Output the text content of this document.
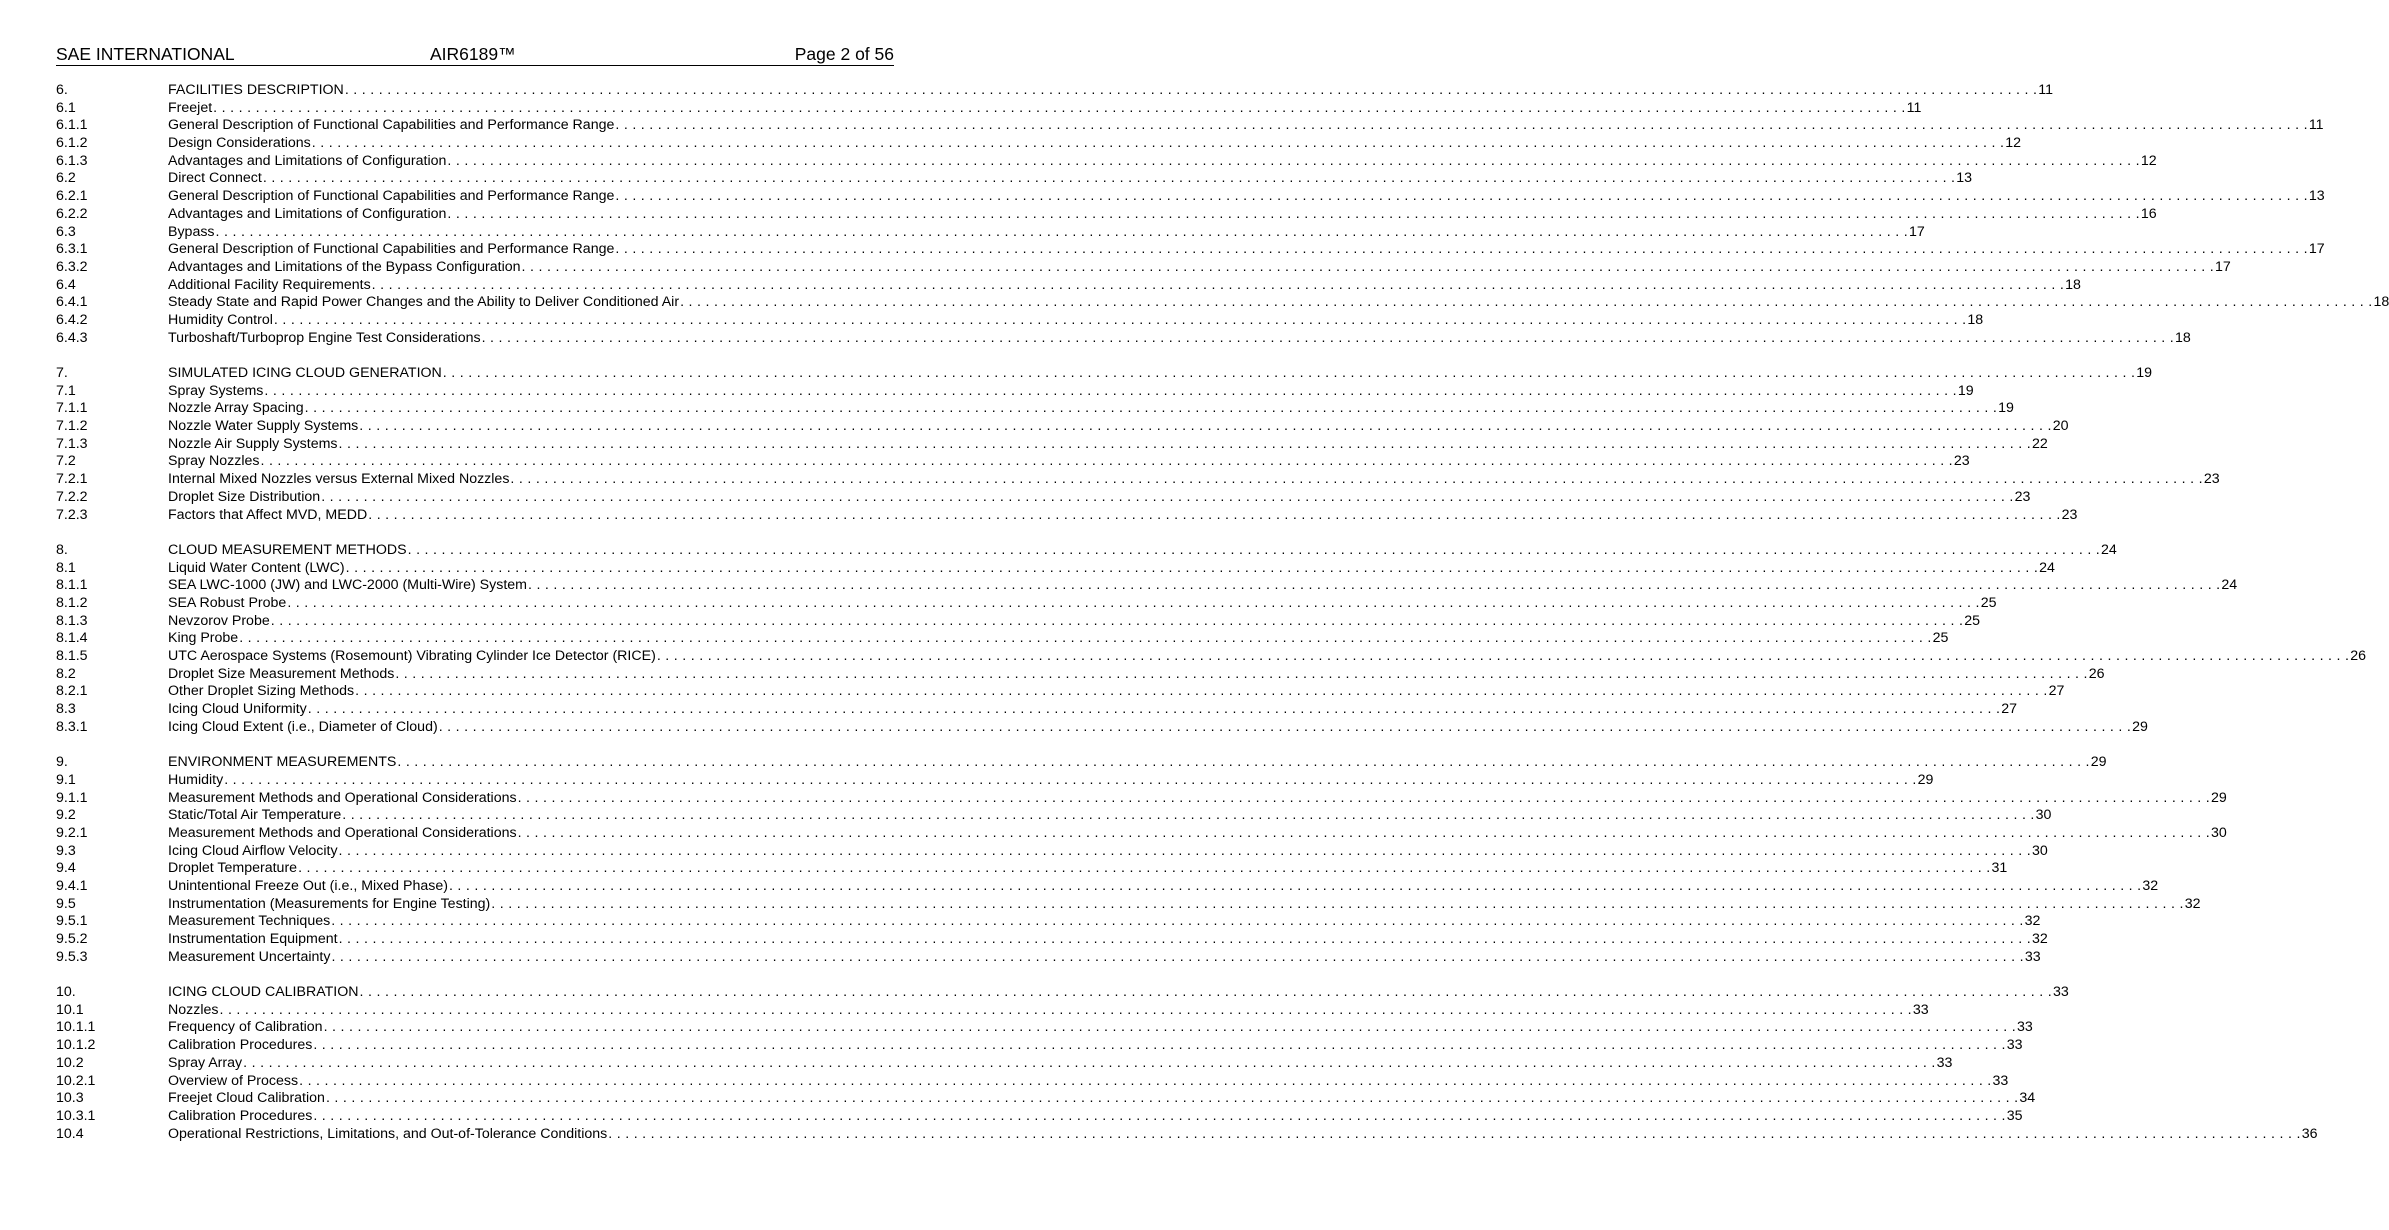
SAE INTERNATIONAL	AIR6189™	Page 2 of 56
6.	FACILITIES DESCRIPTION . . . . . . . . . . . . . . . . . . . . . . . . . . . . . . . . . . . . . . . . . . . . . . . . . . . . . . . . . . . . . . . . . . . . . . . . . . . . . . . . . . . . . . . . . . . . . . . . . . . . . . . . . . . . . . . . . . . . . . . . . . . . . . . . . . . . . . . . . . . . . . . . . . . . . . . . . . . . . . . . . . . . . . . . . . . . . . . . . . . . . . . . . . . . . . . . . . . . . . . . 11
6.1	Freejet . . . . . . . . . . . . . . . . . . . . . . . . . . . . . . . . . . . . . . . . . . . . . . . . . . . . . . . . . . . . . . . . . . . . . . . . . . . . . . . . . . . . . . . . . . . . . . . . . . . . . . . . . . . . . . . . . . . . . . . . . . . . . . . . . . . . . . . . . . . . . . . . . . . . . . . . . . . . . . . . . . . . . . . . . . . . . . . . . . . . . . . . . . . . . . . . . . . . . . . . 11
6.1.1	General Description of Functional Capabilities and Performance Range . . . . . . . . . . . . . . . . . . . . . . . . . . . . . . . . . . . . . . . . . . . . . . . . . . . . . . . . . . . . . . . . . . . . . . . . . . . . . . . . . . . . . . . . . . . . . . . . . . . . . . . . . . . . . . . . . . . . . . . . . . . . . . . . . . . . . . . . . . . . . . . . . . . . . . . . . . . . . . . . . . . . . . . . . . . . . . . . . . . . . . . . . . . . . . . . . . . . . . . . 11
6.1.2	Design Considerations . . . . . . . . . . . . . . . . . . . . . . . . . . . . . . . . . . . . . . . . . . . . . . . . . . . . . . . . . . . . . . . . . . . . . . . . . . . . . . . . . . . . . . . . . . . . . . . . . . . . . . . . . . . . . . . . . . . . . . . . . . . . . . . . . . . . . . . . . . . . . . . . . . . . . . . . . . . . . . . . . . . . . . . . . . . . . . . . . . . . . . . . . . . . . . . . . . . . . . . . 12
6.1.3	Advantages and Limitations of Configuration . . . . . . . . . . . . . . . . . . . . . . . . . . . . . . . . . . . . . . . . . . . . . . . . . . . . . . . . . . . . . . . . . . . . . . . . . . . . . . . . . . . . . . . . . . . . . . . . . . . . . . . . . . . . . . . . . . . . . . . . . . . . . . . . . . . . . . . . . . . . . . . . . . . . . . . . . . . . . . . . . . . . . . . . . . . . . . . . . . . . . . . . . . . . . . . . . . . . . . . . 12
6.2	Direct Connect . . . . . . . . . . . . . . . . . . . . . . . . . . . . . . . . . . . . . . . . . . . . . . . . . . . . . . . . . . . . . . . . . . . . . . . . . . . . . . . . . . . . . . . . . . . . . . . . . . . . . . . . . . . . . . . . . . . . . . . . . . . . . . . . . . . . . . . . . . . . . . . . . . . . . . . . . . . . . . . . . . . . . . . . . . . . . . . . . . . . . . . . . . . . . . . . . . . . . . . . 13
6.2.1	General Description of Functional Capabilities and Performance Range . . . . . . . . . . . . . . . . . . . . . . . . . . . . . . . . . . . . . . . . . . . . . . . . . . . . . . . . . . . . . . . . . . . . . . . . . . . . . . . . . . . . . . . . . . . . . . . . . . . . . . . . . . . . . . . . . . . . . . . . . . . . . . . . . . . . . . . . . . . . . . . . . . . . . . . . . . . . . . . . . . . . . . . . . . . . . . . . . . . . . . . . . . . . . . . . . . . . . . . . 13
6.2.2	Advantages and Limitations of Configuration . . . . . . . . . . . . . . . . . . . . . . . . . . . . . . . . . . . . . . . . . . . . . . . . . . . . . . . . . . . . . . . . . . . . . . . . . . . . . . . . . . . . . . . . . . . . . . . . . . . . . . . . . . . . . . . . . . . . . . . . . . . . . . . . . . . . . . . . . . . . . . . . . . . . . . . . . . . . . . . . . . . . . . . . . . . . . . . . . . . . . . . . . . . . . . . . . . . . . . . . 16
6.3	Bypass . . . . . . . . . . . . . . . . . . . . . . . . . . . . . . . . . . . . . . . . . . . . . . . . . . . . . . . . . . . . . . . . . . . . . . . . . . . . . . . . . . . . . . . . . . . . . . . . . . . . . . . . . . . . . . . . . . . . . . . . . . . . . . . . . . . . . . . . . . . . . . . . . . . . . . . . . . . . . . . . . . . . . . . . . . . . . . . . . . . . . . . . . . . . . . . . . . . . . . . . 17
6.3.1	General Description of Functional Capabilities and Performance Range . . . . . . . . . . . . . . . . . . . . . . . . . . . . . . . . . . . . . . . . . . . . . . . . . . . . . . . . . . . . . . . . . . . . . . . . . . . . . . . . . . . . . . . . . . . . . . . . . . . . . . . . . . . . . . . . . . . . . . . . . . . . . . . . . . . . . . . . . . . . . . . . . . . . . . . . . . . . . . . . . . . . . . . . . . . . . . . . . . . . . . . . . . . . . . . . . . . . . . . . 17
6.3.2	Advantages and Limitations of the Bypass Configuration . . . . . . . . . . . . . . . . . . . . . . . . . . . . . . . . . . . . . . . . . . . . . . . . . . . . . . . . . . . . . . . . . . . . . . . . . . . . . . . . . . . . . . . . . . . . . . . . . . . . . . . . . . . . . . . . . . . . . . . . . . . . . . . . . . . . . . . . . . . . . . . . . . . . . . . . . . . . . . . . . . . . . . . . . . . . . . . . . . . . . . . . . . . . . . . . . . . . . . . . 17
6.4	Additional Facility Requirements . . . . . . . . . . . . . . . . . . . . . . . . . . . . . . . . . . . . . . . . . . . . . . . . . . . . . . . . . . . . . . . . . . . . . . . . . . . . . . . . . . . . . . . . . . . . . . . . . . . . . . . . . . . . . . . . . . . . . . . . . . . . . . . . . . . . . . . . . . . . . . . . . . . . . . . . . . . . . . . . . . . . . . . . . . . . . . . . . . . . . . . . . . . . . . . . . . . . . . . . 18
6.4.1	Steady State and Rapid Power Changes and the Ability to Deliver Conditioned Air . . . . . . . . . . . . . . . . . . . . . . . . . . . . . . . . . . . . . . . . . . . . . . . . . . . . . . . . . . . . . . . . . . . . . . . . . . . . . . . . . . . . . . . . . . . . . . . . . . . . . . . . . . . . . . . . . . . . . . . . . . . . . . . . . . . . . . . . . . . . . . . . . . . . . . . . . . . . . . . . . . . . . . . . . . . . . . . . . . . . . . . . . . . . . . . . . . . . . . . . 18
6.4.2	Humidity Control . . . . . . . . . . . . . . . . . . . . . . . . . . . . . . . . . . . . . . . . . . . . . . . . . . . . . . . . . . . . . . . . . . . . . . . . . . . . . . . . . . . . . . . . . . . . . . . . . . . . . . . . . . . . . . . . . . . . . . . . . . . . . . . . . . . . . . . . . . . . . . . . . . . . . . . . . . . . . . . . . . . . . . . . . . . . . . . . . . . . . . . . . . . . . . . . . . . . . . . . 18
6.4.3	Turboshaft/Turboprop Engine Test Considerations . . . . . . . . . . . . . . . . . . . . . . . . . . . . . . . . . . . . . . . . . . . . . . . . . . . . . . . . . . . . . . . . . . . . . . . . . . . . . . . . . . . . . . . . . . . . . . . . . . . . . . . . . . . . . . . . . . . . . . . . . . . . . . . . . . . . . . . . . . . . . . . . . . . . . . . . . . . . . . . . . . . . . . . . . . . . . . . . . . . . . . . . . . . . . . . . . . . . . . . . 18
7.	SIMULATED ICING CLOUD GENERATION . . . . . . . . . . . . . . . . . . . . . . . . . . . . . . . . . . . . . . . . . . . . . . . . . . . . . . . . . . . . . . . . . . . . . . . . . . . . . . . . . . . . . . . . . . . . . . . . . . . . . . . . . . . . . . . . . . . . . . . . . . . . . . . . . . . . . . . . . . . . . . . . . . . . . . . . . . . . . . . . . . . . . . . . . . . . . . . . . . . . . . . . . . . . . . . . . . . . . . . . 19
7.1	Spray Systems . . . . . . . . . . . . . . . . . . . . . . . . . . . . . . . . . . . . . . . . . . . . . . . . . . . . . . . . . . . . . . . . . . . . . . . . . . . . . . . . . . . . . . . . . . . . . . . . . . . . . . . . . . . . . . . . . . . . . . . . . . . . . . . . . . . . . . . . . . . . . . . . . . . . . . . . . . . . . . . . . . . . . . . . . . . . . . . . . . . . . . . . . . . . . . . . . . . . . . . . 19
7.1.1	Nozzle Array Spacing . . . . . . . . . . . . . . . . . . . . . . . . . . . . . . . . . . . . . . . . . . . . . . . . . . . . . . . . . . . . . . . . . . . . . . . . . . . . . . . . . . . . . . . . . . . . . . . . . . . . . . . . . . . . . . . . . . . . . . . . . . . . . . . . . . . . . . . . . . . . . . . . . . . . . . . . . . . . . . . . . . . . . . . . . . . . . . . . . . . . . . . . . . . . . . . . . . . . . . . . 19
7.1.2	Nozzle Water Supply Systems . . . . . . . . . . . . . . . . . . . . . . . . . . . . . . . . . . . . . . . . . . . . . . . . . . . . . . . . . . . . . . . . . . . . . . . . . . . . . . . . . . . . . . . . . . . . . . . . . . . . . . . . . . . . . . . . . . . . . . . . . . . . . . . . . . . . . . . . . . . . . . . . . . . . . . . . . . . . . . . . . . . . . . . . . . . . . . . . . . . . . . . . . . . . . . . . . . . . . . . . 20
7.1.3	Nozzle Air Supply Systems . . . . . . . . . . . . . . . . . . . . . . . . . . . . . . . . . . . . . . . . . . . . . . . . . . . . . . . . . . . . . . . . . . . . . . . . . . . . . . . . . . . . . . . . . . . . . . . . . . . . . . . . . . . . . . . . . . . . . . . . . . . . . . . . . . . . . . . . . . . . . . . . . . . . . . . . . . . . . . . . . . . . . . . . . . . . . . . . . . . . . . . . . . . . . . . . . . . . . . . . 22
7.2	Spray Nozzles . . . . . . . . . . . . . . . . . . . . . . . . . . . . . . . . . . . . . . . . . . . . . . . . . . . . . . . . . . . . . . . . . . . . . . . . . . . . . . . . . . . . . . . . . . . . . . . . . . . . . . . . . . . . . . . . . . . . . . . . . . . . . . . . . . . . . . . . . . . . . . . . . . . . . . . . . . . . . . . . . . . . . . . . . . . . . . . . . . . . . . . . . . . . . . . . . . . . . . . . 23
7.2.1	Internal Mixed Nozzles versus External Mixed Nozzles . . . . . . . . . . . . . . . . . . . . . . . . . . . . . . . . . . . . . . . . . . . . . . . . . . . . . . . . . . . . . . . . . . . . . . . . . . . . . . . . . . . . . . . . . . . . . . . . . . . . . . . . . . . . . . . . . . . . . . . . . . . . . . . . . . . . . . . . . . . . . . . . . . . . . . . . . . . . . . . . . . . . . . . . . . . . . . . . . . . . . . . . . . . . . . . . . . . . . . . . 23
7.2.2	Droplet Size Distribution . . . . . . . . . . . . . . . . . . . . . . . . . . . . . . . . . . . . . . . . . . . . . . . . . . . . . . . . . . . . . . . . . . . . . . . . . . . . . . . . . . . . . . . . . . . . . . . . . . . . . . . . . . . . . . . . . . . . . . . . . . . . . . . . . . . . . . . . . . . . . . . . . . . . . . . . . . . . . . . . . . . . . . . . . . . . . . . . . . . . . . . . . . . . . . . . . . . . . . . . 23
7.2.3	Factors that Affect MVD, MEDD . . . . . . . . . . . . . . . . . . . . . . . . . . . . . . . . . . . . . . . . . . . . . . . . . . . . . . . . . . . . . . . . . . . . . . . . . . . . . . . . . . . . . . . . . . . . . . . . . . . . . . . . . . . . . . . . . . . . . . . . . . . . . . . . . . . . . . . . . . . . . . . . . . . . . . . . . . . . . . . . . . . . . . . . . . . . . . . . . . . . . . . . . . . . . . . . . . . . . . . . 23
8.	CLOUD MEASUREMENT METHODS . . . . . . . . . . . . . . . . . . . . . . . . . . . . . . . . . . . . . . . . . . . . . . . . . . . . . . . . . . . . . . . . . . . . . . . . . . . . . . . . . . . . . . . . . . . . . . . . . . . . . . . . . . . . . . . . . . . . . . . . . . . . . . . . . . . . . . . . . . . . . . . . . . . . . . . . . . . . . . . . . . . . . . . . . . . . . . . . . . . . . . . . . . . . . . . . . . . . . . . . 24
8.1	Liquid Water Content (LWC) . . . . . . . . . . . . . . . . . . . . . . . . . . . . . . . . . . . . . . . . . . . . . . . . . . . . . . . . . . . . . . . . . . . . . . . . . . . . . . . . . . . . . . . . . . . . . . . . . . . . . . . . . . . . . . . . . . . . . . . . . . . . . . . . . . . . . . . . . . . . . . . . . . . . . . . . . . . . . . . . . . . . . . . . . . . . . . . . . . . . . . . . . . . . . . . . . . . . . . . . 24
8.1.1	SEA LWC-1000 (JW) and LWC-2000 (Multi-Wire) System . . . . . . . . . . . . . . . . . . . . . . . . . . . . . . . . . . . . . . . . . . . . . . . . . . . . . . . . . . . . . . . . . . . . . . . . . . . . . . . . . . . . . . . . . . . . . . . . . . . . . . . . . . . . . . . . . . . . . . . . . . . . . . . . . . . . . . . . . . . . . . . . . . . . . . . . . . . . . . . . . . . . . . . . . . . . . . . . . . . . . . . . . . . . . . . . . . . . . . . . 24
8.1.2	SEA Robust Probe . . . . . . . . . . . . . . . . . . . . . . . . . . . . . . . . . . . . . . . . . . . . . . . . . . . . . . . . . . . . . . . . . . . . . . . . . . . . . . . . . . . . . . . . . . . . . . . . . . . . . . . . . . . . . . . . . . . . . . . . . . . . . . . . . . . . . . . . . . . . . . . . . . . . . . . . . . . . . . . . . . . . . . . . . . . . . . . . . . . . . . . . . . . . . . . . . . . . . . . . 25
8.1.3	Nevzorov Probe . . . . . . . . . . . . . . . . . . . . . . . . . . . . . . . . . . . . . . . . . . . . . . . . . . . . . . . . . . . . . . . . . . . . . . . . . . . . . . . . . . . . . . . . . . . . . . . . . . . . . . . . . . . . . . . . . . . . . . . . . . . . . . . . . . . . . . . . . . . . . . . . . . . . . . . . . . . . . . . . . . . . . . . . . . . . . . . . . . . . . . . . . . . . . . . . . . . . . . . . 25
8.1.4	King Probe . . . . . . . . . . . . . . . . . . . . . . . . . . . . . . . . . . . . . . . . . . . . . . . . . . . . . . . . . . . . . . . . . . . . . . . . . . . . . . . . . . . . . . . . . . . . . . . . . . . . . . . . . . . . . . . . . . . . . . . . . . . . . . . . . . . . . . . . . . . . . . . . . . . . . . . . . . . . . . . . . . . . . . . . . . . . . . . . . . . . . . . . . . . . . . . . . . . . . . . . 25
8.1.5	UTC Aerospace Systems (Rosemount) Vibrating Cylinder Ice Detector (RICE) . . . . . . . . . . . . . . . . . . . . . . . . . . . . . . . . . . . . . . . . . . . . . . . . . . . . . . . . . . . . . . . . . . . . . . . . . . . . . . . . . . . . . . . . . . . . . . . . . . . . . . . . . . . . . . . . . . . . . . . . . . . . . . . . . . . . . . . . . . . . . . . . . . . . . . . . . . . . . . . . . . . . . . . . . . . . . . . . . . . . . . . . . . . . . . . . . . . . . . . . 26
8.2	Droplet Size Measurement Methods . . . . . . . . . . . . . . . . . . . . . . . . . . . . . . . . . . . . . . . . . . . . . . . . . . . . . . . . . . . . . . . . . . . . . . . . . . . . . . . . . . . . . . . . . . . . . . . . . . . . . . . . . . . . . . . . . . . . . . . . . . . . . . . . . . . . . . . . . . . . . . . . . . . . . . . . . . . . . . . . . . . . . . . . . . . . . . . . . . . . . . . . . . . . . . . . . . . . . . . . 26
8.2.1	Other Droplet Sizing Methods . . . . . . . . . . . . . . . . . . . . . . . . . . . . . . . . . . . . . . . . . . . . . . . . . . . . . . . . . . . . . . . . . . . . . . . . . . . . . . . . . . . . . . . . . . . . . . . . . . . . . . . . . . . . . . . . . . . . . . . . . . . . . . . . . . . . . . . . . . . . . . . . . . . . . . . . . . . . . . . . . . . . . . . . . . . . . . . . . . . . . . . . . . . . . . . . . . . . . . . . 27
8.3	Icing Cloud Uniformity . . . . . . . . . . . . . . . . . . . . . . . . . . . . . . . . . . . . . . . . . . . . . . . . . . . . . . . . . . . . . . . . . . . . . . . . . . . . . . . . . . . . . . . . . . . . . . . . . . . . . . . . . . . . . . . . . . . . . . . . . . . . . . . . . . . . . . . . . . . . . . . . . . . . . . . . . . . . . . . . . . . . . . . . . . . . . . . . . . . . . . . . . . . . . . . . . . . . . . . . 27
8.3.1	Icing Cloud Extent (i.e., Diameter of Cloud) . . . . . . . . . . . . . . . . . . . . . . . . . . . . . . . . . . . . . . . . . . . . . . . . . . . . . . . . . . . . . . . . . . . . . . . . . . . . . . . . . . . . . . . . . . . . . . . . . . . . . . . . . . . . . . . . . . . . . . . . . . . . . . . . . . . . . . . . . . . . . . . . . . . . . . . . . . . . . . . . . . . . . . . . . . . . . . . . . . . . . . . . . . . . . . . . . . . . . . . . 29
9.	ENVIRONMENT MEASUREMENTS . . . . . . . . . . . . . . . . . . . . . . . . . . . . . . . . . . . . . . . . . . . . . . . . . . . . . . . . . . . . . . . . . . . . . . . . . . . . . . . . . . . . . . . . . . . . . . . . . . . . . . . . . . . . . . . . . . . . . . . . . . . . . . . . . . . . . . . . . . . . . . . . . . . . . . . . . . . . . . . . . . . . . . . . . . . . . . . . . . . . . . . . . . . . . . . . . . . . . . . . 29
9.1	Humidity . . . . . . . . . . . . . . . . . . . . . . . . . . . . . . . . . . . . . . . . . . . . . . . . . . . . . . . . . . . . . . . . . . . . . . . . . . . . . . . . . . . . . . . . . . . . . . . . . . . . . . . . . . . . . . . . . . . . . . . . . . . . . . . . . . . . . . . . . . . . . . . . . . . . . . . . . . . . . . . . . . . . . . . . . . . . . . . . . . . . . . . . . . . . . . . . . . . . . . . . 29
9.1.1	Measurement Methods and Operational Considerations . . . . . . . . . . . . . . . . . . . . . . . . . . . . . . . . . . . . . . . . . . . . . . . . . . . . . . . . . . . . . . . . . . . . . . . . . . . . . . . . . . . . . . . . . . . . . . . . . . . . . . . . . . . . . . . . . . . . . . . . . . . . . . . . . . . . . . . . . . . . . . . . . . . . . . . . . . . . . . . . . . . . . . . . . . . . . . . . . . . . . . . . . . . . . . . . . . . . . . . . 29
9.2	Static/Total Air Temperature . . . . . . . . . . . . . . . . . . . . . . . . . . . . . . . . . . . . . . . . . . . . . . . . . . . . . . . . . . . . . . . . . . . . . . . . . . . . . . . . . . . . . . . . . . . . . . . . . . . . . . . . . . . . . . . . . . . . . . . . . . . . . . . . . . . . . . . . . . . . . . . . . . . . . . . . . . . . . . . . . . . . . . . . . . . . . . . . . . . . . . . . . . . . . . . . . . . . . . . . 30
9.2.1	Measurement Methods and Operational Considerations . . . . . . . . . . . . . . . . . . . . . . . . . . . . . . . . . . . . . . . . . . . . . . . . . . . . . . . . . . . . . . . . . . . . . . . . . . . . . . . . . . . . . . . . . . . . . . . . . . . . . . . . . . . . . . . . . . . . . . . . . . . . . . . . . . . . . . . . . . . . . . . . . . . . . . . . . . . . . . . . . . . . . . . . . . . . . . . . . . . . . . . . . . . . . . . . . . . . . . . . 30
9.3	Icing Cloud Airflow Velocity . . . . . . . . . . . . . . . . . . . . . . . . . . . . . . . . . . . . . . . . . . . . . . . . . . . . . . . . . . . . . . . . . . . . . . . . . . . . . . . . . . . . . . . . . . . . . . . . . . . . . . . . . . . . . . . . . . . . . . . . . . . . . . . . . . . . . . . . . . . . . . . . . . . . . . . . . . . . . . . . . . . . . . . . . . . . . . . . . . . . . . . . . . . . . . . . . . . . . . . . 30
9.4	Droplet Temperature . . . . . . . . . . . . . . . . . . . . . . . . . . . . . . . . . . . . . . . . . . . . . . . . . . . . . . . . . . . . . . . . . . . . . . . . . . . . . . . . . . . . . . . . . . . . . . . . . . . . . . . . . . . . . . . . . . . . . . . . . . . . . . . . . . . . . . . . . . . . . . . . . . . . . . . . . . . . . . . . . . . . . . . . . . . . . . . . . . . . . . . . . . . . . . . . . . . . . . . . 31
9.4.1	Unintentional Freeze Out (i.e., Mixed Phase) . . . . . . . . . . . . . . . . . . . . . . . . . . . . . . . . . . . . . . . . . . . . . . . . . . . . . . . . . . . . . . . . . . . . . . . . . . . . . . . . . . . . . . . . . . . . . . . . . . . . . . . . . . . . . . . . . . . . . . . . . . . . . . . . . . . . . . . . . . . . . . . . . . . . . . . . . . . . . . . . . . . . . . . . . . . . . . . . . . . . . . . . . . . . . . . . . . . . . . . . 32
9.5	Instrumentation (Measurements for Engine Testing) . . . . . . . . . . . . . . . . . . . . . . . . . . . . . . . . . . . . . . . . . . . . . . . . . . . . . . . . . . . . . . . . . . . . . . . . . . . . . . . . . . . . . . . . . . . . . . . . . . . . . . . . . . . . . . . . . . . . . . . . . . . . . . . . . . . . . . . . . . . . . . . . . . . . . . . . . . . . . . . . . . . . . . . . . . . . . . . . . . . . . . . . . . . . . . . . . . . . . . . . 32
9.5.1	Measurement Techniques . . . . . . . . . . . . . . . . . . . . . . . . . . . . . . . . . . . . . . . . . . . . . . . . . . . . . . . . . . . . . . . . . . . . . . . . . . . . . . . . . . . . . . . . . . . . . . . . . . . . . . . . . . . . . . . . . . . . . . . . . . . . . . . . . . . . . . . . . . . . . . . . . . . . . . . . . . . . . . . . . . . . . . . . . . . . . . . . . . . . . . . . . . . . . . . . . . . . . . . . 32
9.5.2	Instrumentation Equipment . . . . . . . . . . . . . . . . . . . . . . . . . . . . . . . . . . . . . . . . . . . . . . . . . . . . . . . . . . . . . . . . . . . . . . . . . . . . . . . . . . . . . . . . . . . . . . . . . . . . . . . . . . . . . . . . . . . . . . . . . . . . . . . . . . . . . . . . . . . . . . . . . . . . . . . . . . . . . . . . . . . . . . . . . . . . . . . . . . . . . . . . . . . . . . . . . . . . . . . . 32
9.5.3	Measurement Uncertainty . . . . . . . . . . . . . . . . . . . . . . . . . . . . . . . . . . . . . . . . . . . . . . . . . . . . . . . . . . . . . . . . . . . . . . . . . . . . . . . . . . . . . . . . . . . . . . . . . . . . . . . . . . . . . . . . . . . . . . . . . . . . . . . . . . . . . . . . . . . . . . . . . . . . . . . . . . . . . . . . . . . . . . . . . . . . . . . . . . . . . . . . . . . . . . . . . . . . . . . . 33
10.	ICING CLOUD CALIBRATION . . . . . . . . . . . . . . . . . . . . . . . . . . . . . . . . . . . . . . . . . . . . . . . . . . . . . . . . . . . . . . . . . . . . . . . . . . . . . . . . . . . . . . . . . . . . . . . . . . . . . . . . . . . . . . . . . . . . . . . . . . . . . . . . . . . . . . . . . . . . . . . . . . . . . . . . . . . . . . . . . . . . . . . . . . . . . . . . . . . . . . . . . . . . . . . . . . . . . . . . 33
10.1	Nozzles . . . . . . . . . . . . . . . . . . . . . . . . . . . . . . . . . . . . . . . . . . . . . . . . . . . . . . . . . . . . . . . . . . . . . . . . . . . . . . . . . . . . . . . . . . . . . . . . . . . . . . . . . . . . . . . . . . . . . . . . . . . . . . . . . . . . . . . . . . . . . . . . . . . . . . . . . . . . . . . . . . . . . . . . . . . . . . . . . . . . . . . . . . . . . . . . . . . . . . . . 33
10.1.1	Frequency of Calibration . . . . . . . . . . . . . . . . . . . . . . . . . . . . . . . . . . . . . . . . . . . . . . . . . . . . . . . . . . . . . . . . . . . . . . . . . . . . . . . . . . . . . . . . . . . . . . . . . . . . . . . . . . . . . . . . . . . . . . . . . . . . . . . . . . . . . . . . . . . . . . . . . . . . . . . . . . . . . . . . . . . . . . . . . . . . . . . . . . . . . . . . . . . . . . . . . . . . . . . . 33
10.1.2	Calibration Procedures . . . . . . . . . . . . . . . . . . . . . . . . . . . . . . . . . . . . . . . . . . . . . . . . . . . . . . . . . . . . . . . . . . . . . . . . . . . . . . . . . . . . . . . . . . . . . . . . . . . . . . . . . . . . . . . . . . . . . . . . . . . . . . . . . . . . . . . . . . . . . . . . . . . . . . . . . . . . . . . . . . . . . . . . . . . . . . . . . . . . . . . . . . . . . . . . . . . . . . . . 33
10.2	Spray Array . . . . . . . . . . . . . . . . . . . . . . . . . . . . . . . . . . . . . . . . . . . . . . . . . . . . . . . . . . . . . . . . . . . . . . . . . . . . . . . . . . . . . . . . . . . . . . . . . . . . . . . . . . . . . . . . . . . . . . . . . . . . . . . . . . . . . . . . . . . . . . . . . . . . . . . . . . . . . . . . . . . . . . . . . . . . . . . . . . . . . . . . . . . . . . . . . . . . . . . . 33
10.2.1	Overview of Process . . . . . . . . . . . . . . . . . . . . . . . . . . . . . . . . . . . . . . . . . . . . . . . . . . . . . . . . . . . . . . . . . . . . . . . . . . . . . . . . . . . . . . . . . . . . . . . . . . . . . . . . . . . . . . . . . . . . . . . . . . . . . . . . . . . . . . . . . . . . . . . . . . . . . . . . . . . . . . . . . . . . . . . . . . . . . . . . . . . . . . . . . . . . . . . . . . . . . . . . 33
10.3	Freejet Cloud Calibration . . . . . . . . . . . . . . . . . . . . . . . . . . . . . . . . . . . . . . . . . . . . . . . . . . . . . . . . . . . . . . . . . . . . . . . . . . . . . . . . . . . . . . . . . . . . . . . . . . . . . . . . . . . . . . . . . . . . . . . . . . . . . . . . . . . . . . . . . . . . . . . . . . . . . . . . . . . . . . . . . . . . . . . . . . . . . . . . . . . . . . . . . . . . . . . . . . . . . . . . 34
10.3.1	Calibration Procedures . . . . . . . . . . . . . . . . . . . . . . . . . . . . . . . . . . . . . . . . . . . . . . . . . . . . . . . . . . . . . . . . . . . . . . . . . . . . . . . . . . . . . . . . . . . . . . . . . . . . . . . . . . . . . . . . . . . . . . . . . . . . . . . . . . . . . . . . . . . . . . . . . . . . . . . . . . . . . . . . . . . . . . . . . . . . . . . . . . . . . . . . . . . . . . . . . . . . . . . . 35
10.4	Operational Restrictions, Limitations, and Out-of-Tolerance Conditions . . . . . . . . . . . . . . . . . . . . . . . . . . . . . . . . . . . . . . . . . . . . . . . . . . . . . . . . . . . . . . . . . . . . . . . . . . . . . . . . . . . . . . . . . . . . . . . . . . . . . . . . . . . . . . . . . . . . . . . . . . . . . . . . . . . . . . . . . . . . . . . . . . . . . . . . . . . . . . . . . . . . . . . . . . . . . . . . . . . . . . . . . . . . . . . . . . . . . . . . 36
